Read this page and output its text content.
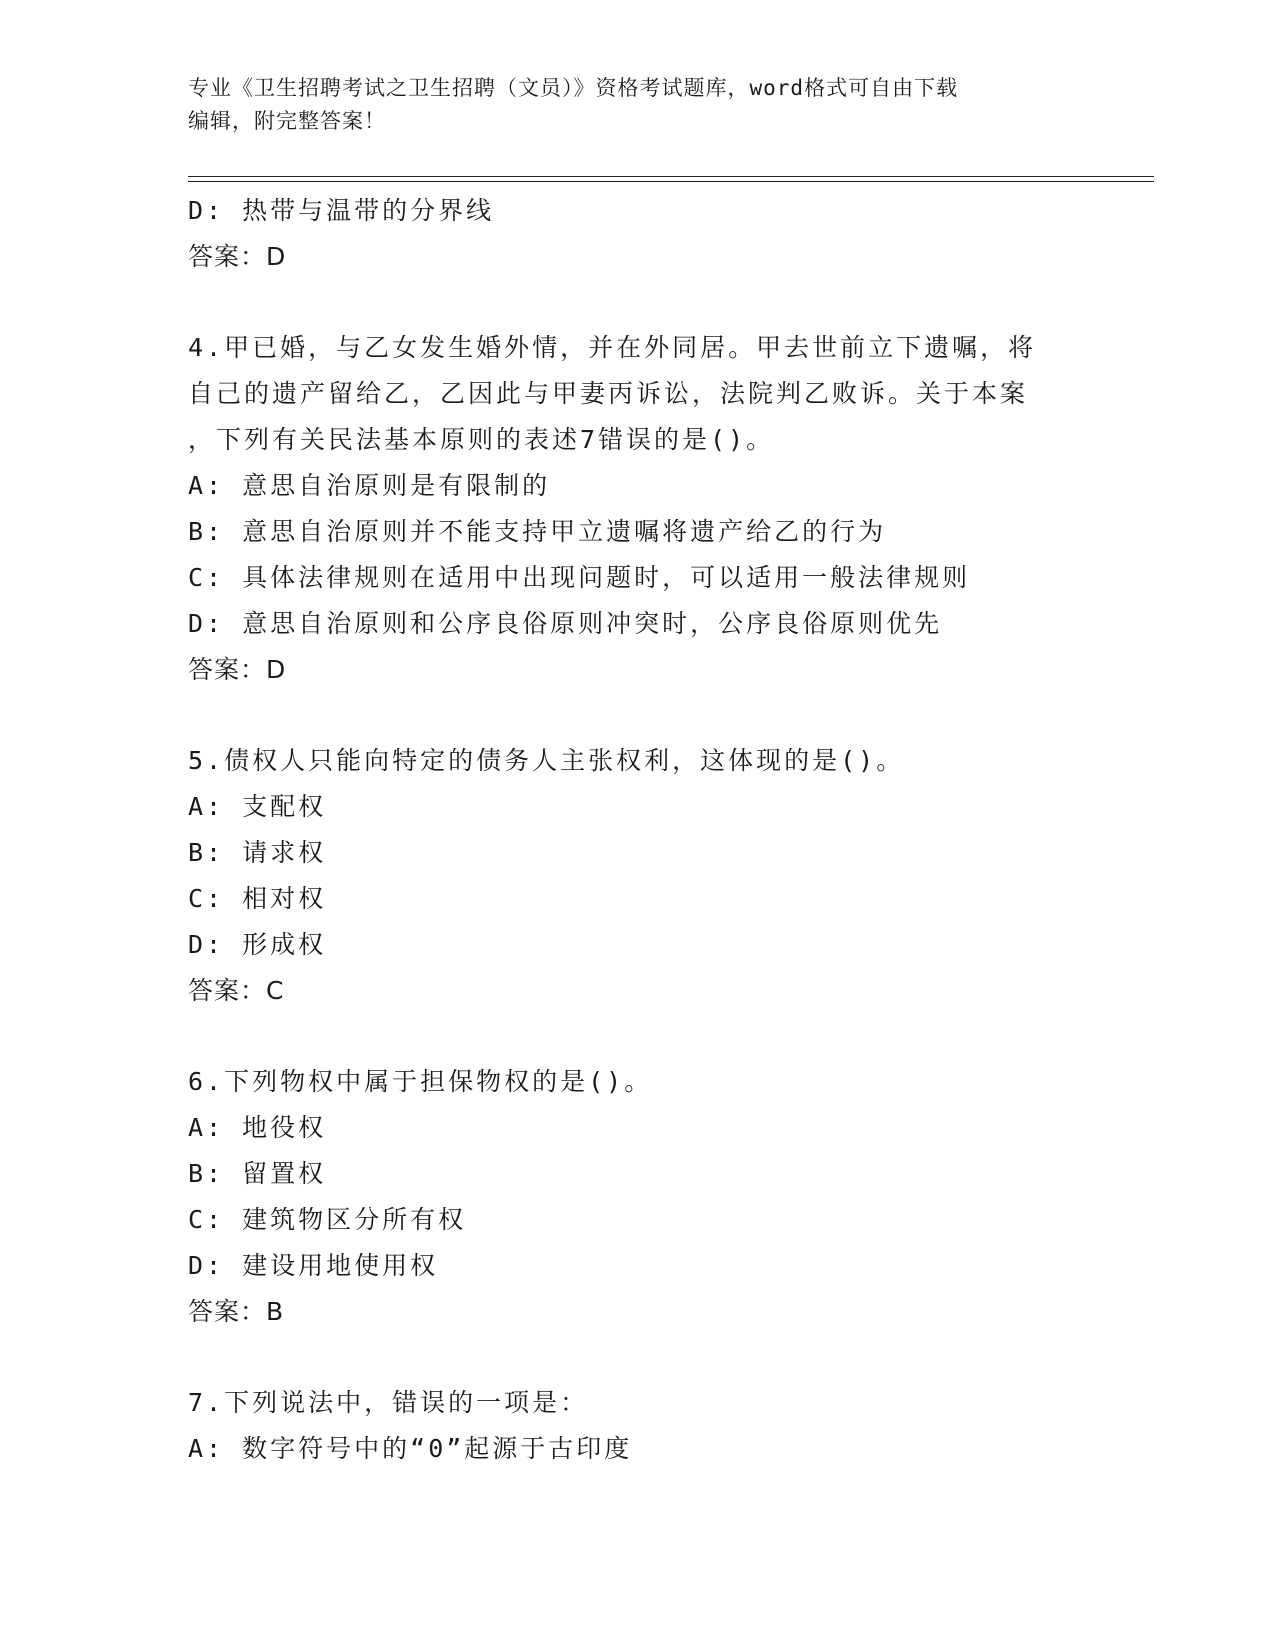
专业《卫生招聘考试之卫生招聘（文员）》资格考试题库，word格式可自由下载
编辑，附完整答案！
D: 热带与温带的分界线
答案：D
4.甲已婚，与乙女发生婚外情，并在外同居。甲去世前立下遗嘱，将
自己的遗产留给乙，乙因此与甲妻丙诉讼，法院判乙败诉。关于本案
，下列有关民法基本原则的表述7错误的是()。
A: 意思自治原则是有限制的
B: 意思自治原则并不能支持甲立遗嘱将遗产给乙的行为
C: 具体法律规则在适用中出现问题时，可以适用一般法律规则
D: 意思自治原则和公序良俗原则冲突时，公序良俗原则优先
答案：D
5.债权人只能向特定的债务人主张权利，这体现的是()。
A: 支配权
B: 请求权
C: 相对权
D: 形成权
答案：C
6.下列物权中属于担保物权的是()。
A: 地役权
B: 留置权
C: 建筑物区分所有权
D: 建设用地使用权
答案：B
7.下列说法中，错误的一项是：
A: 数字符号中的“0”起源于古印度
